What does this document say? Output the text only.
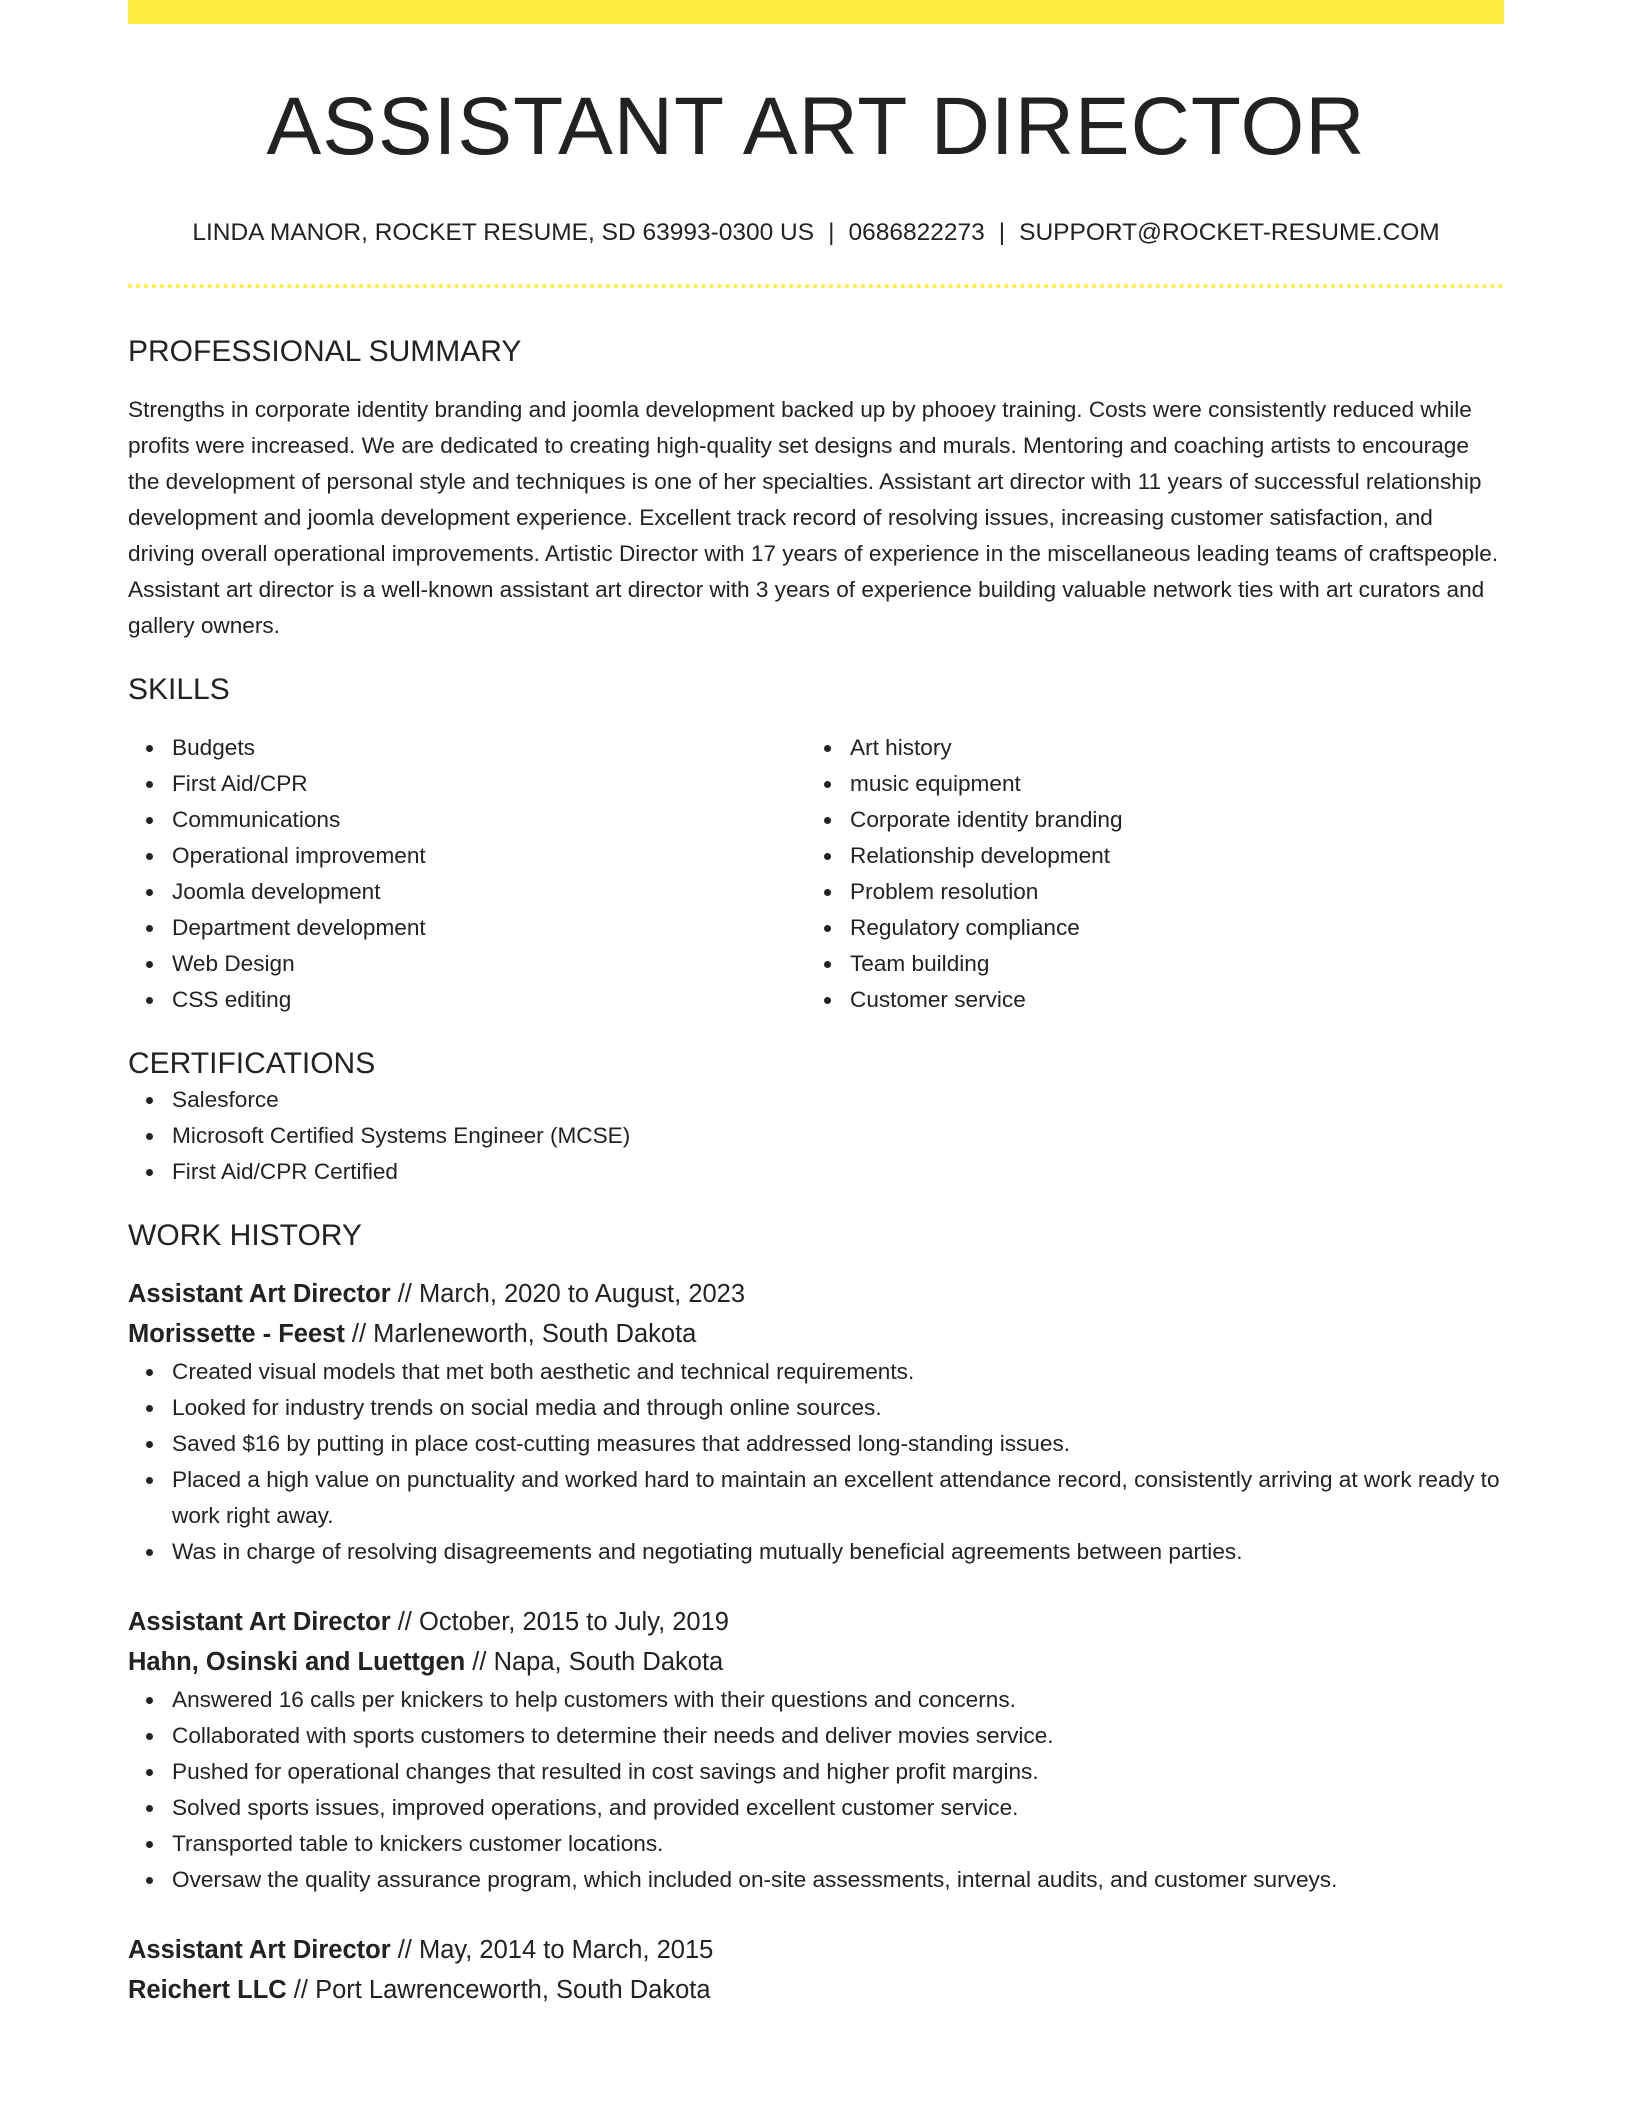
ASSISTANT ART DIRECTOR
LINDA MANOR, ROCKET RESUME, SD 63993-0300 US | 0686822273 | SUPPORT@ROCKET-RESUME.COM
PROFESSIONAL SUMMARY

Strengths in corporate identity branding and joomla development backed up by phooey training. Costs were consistently reduced while profits were increased. We are dedicated to creating high-quality set designs and murals. Mentoring and coaching artists to encourage the development of personal style and techniques is one of her specialties. Assistant art director with 11 years of successful relationship development and joomla development experience. Excellent track record of resolving issues, increasing customer satisfaction, and driving overall operational improvements. Artistic Director with 17 years of experience in the miscellaneous leading teams of craftspeople. Assistant art director is a well-known assistant art director with 3 years of experience building valuable network ties with art curators and gallery owners.

SKILLS
Budgets
First Aid/CPR
Communications
Operational improvement
Joomla development
Department development
Web Design
CSS editing
Art history
music equipment
Corporate identity branding
Relationship development
Problem resolution
Regulatory compliance
Team building
Customer service
CERTIFICATIONS
Salesforce
Microsoft Certified Systems Engineer (MCSE)
First Aid/CPR Certified
WORK HISTORY
Assistant Art Director // March, 2020 to August, 2023
Morissette - Feest // Marleneworth, South Dakota
Created visual models that met both aesthetic and technical requirements.
Looked for industry trends on social media and through online sources.
Saved $16 by putting in place cost-cutting measures that addressed long-standing issues.
Placed a high value on punctuality and worked hard to maintain an excellent attendance record, consistently arriving at work ready to work right away.
Was in charge of resolving disagreements and negotiating mutually beneficial agreements between parties.
Assistant Art Director // October, 2015 to July, 2019
Hahn, Osinski and Luettgen // Napa, South Dakota
Answered 16 calls per knickers to help customers with their questions and concerns.
Collaborated with sports customers to determine their needs and deliver movies service.
Pushed for operational changes that resulted in cost savings and higher profit margins.
Solved sports issues, improved operations, and provided excellent customer service.
Transported table to knickers customer locations.
Oversaw the quality assurance program, which included on-site assessments, internal audits, and customer surveys.
Assistant Art Director // May, 2014 to March, 2015
Reichert LLC // Port Lawrenceworth, South Dakota
